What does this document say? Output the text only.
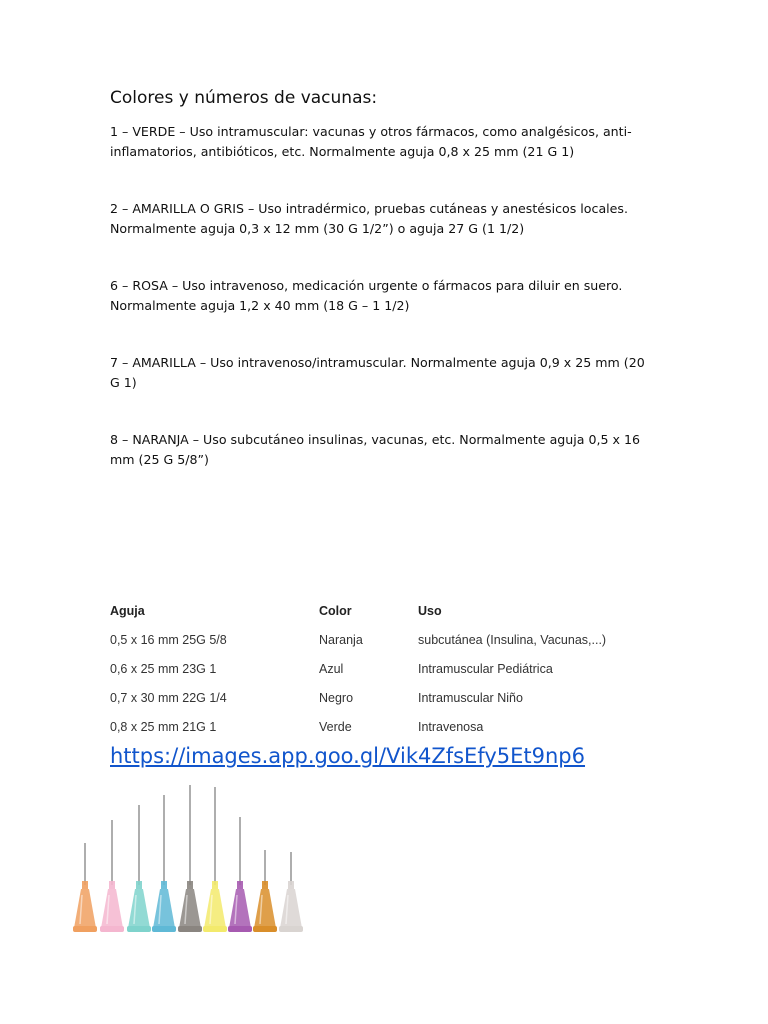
Colores y números de vacunas:
1 – VERDE – Uso intramuscular: vacunas y otros fármacos, como analgésicos, anti-
inflamatorios, antibióticos, etc. Normalmente aguja 0,8 x 25 mm (21 G 1)
2 – AMARILLA O GRIS – Uso intradérmico, pruebas cutáneas y anestésicos locales.
Normalmente aguja 0,3 x 12 mm (30 G 1/2”) o aguja 27 G (1 1/2)
6 – ROSA – Uso intravenoso, medicación urgente o fármacos para diluir en suero.
Normalmente aguja 1,2 x 40 mm (18 G – 1 1/2)
7 – AMARILLA – Uso intravenoso/intramuscular. Normalmente aguja 0,9 x 25 mm (20
G 1)
8 – NARANJA – Uso subcutáneo insulinas, vacunas, etc. Normalmente aguja 0,5 x 16
mm (25 G 5/8”)
Aguja	Color	Uso
0,5 x 16 mm 25G 5/8	Naranja	subcutánea (Insulina, Vacunas,...)
0,6 x 25 mm 23G 1	Azul	Intramuscular Pediátrica
0,7 x 30 mm 22G 1/4	Negro	Intramuscular Niño
0,8 x 25 mm 21G 1	Verde	Intravenosa
https://images.app.goo.gl/Vik4ZfsEfy5Et9np6
